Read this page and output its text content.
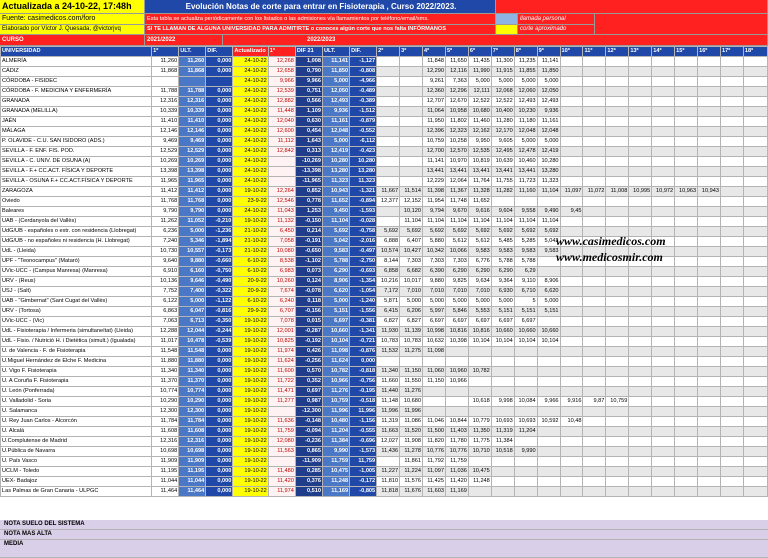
Actualizada a 24-10-22, 17:48h
Fuente: casimedicos.com/foro
Elaborado por Víctor J. Quesada, @victorjvq
Evolución Notas de corte para entrar en Fisioterapia , Curso 2022/2023.
Esta tabla se actualiza periódicamente con los listados o las admisiones vía llamamientos por teléfono/email/sms.
SI TE LLAMAN DE ALGUNA UNIVERSIDAD PARA ADMITIRTE o conoces algún corte que nos falta INFÓRMANOS
llamada personal
corte aproximado
CURSO	2021/2022	2022/2023
UNIVERSIDAD	1º	ULT.	DIF.	Actualizado	1º	DIF 21	ULT.	DIF.	2º	3º	4º	5º	6º	7º	8º	9º	10º	11º	12º	13º	14º	15º	16º	17º	18º
ALMERÍA	11,260	11,260	0,000	24-10-22	12,268	1,008	11,141	-1,127			11,848	11,650	11,435	11,300	11,235	11,141									
CÁDIZ	11,868	11,868	0,000	24-10-22	12,658	0,790	11,850	-0,808			12,290	12,116	11,990	11,915	11,855	11,850									
CÓRDOBA - FISIDEC				24-10-22	9,966	9,966	5,000	-4,966			9,261	7,363	5,000	5,000	5,000	5,000									
CÓRDOBA - F. MEDICINA Y ENFERMERÍA	11,788	11,788	0,000	24-10-22	12,539	0,751	12,050	-0,489			12,360	12,296	12,111	12,068	12,060	12,050									
GRANADA	12,316	12,316	0,000	24-10-22	12,882	0,566	12,493	-0,389			12,707	12,670	12,522	12,522	12,493	12,493									
GRANADA (MELILLA)	10,339	10,339	0,000	24-10-22	11,448	1,109	9,936	-1,512			11,064	10,958	10,680	10,400	10,230	9,936									
JAÉN	11,410	11,410	0,000	24-10-22	12,040	0,630	11,161	-0,879			11,950	11,802	11,460	11,280	11,180	11,161									
MÁLAGA	12,146	12,146	0,000	24-10-22	12,600	0,454	12,048	-0,552			12,396	12,323	12,162	12,170	12,048	12,048									
P. OLAVIDE - C.U. SAN ISIDORO (ADS.)	9,469	9,469	0,000	24-10-22	11,112	1,643	5,000	-6,112			10,759	10,258	9,950	9,605	5,000	5,000									
SEVILLA - F. ENF. FIS. POD.	12,529	12,529	0,000	24-10-22	12,842	0,313	12,419	-0,423			12,700	12,570	12,535	12,495	12,478	12,419									
SEVILLA - C. UNIV. DE OSUNA (A)	10,269	10,269	0,000	24-10-22		-10,269	10,280	10,280			11,141	10,970	10,819	10,639	10,460	10,280									
SEVILLA - F.+ CC.ACT. FÍSICA Y DEPORTE	13,398	13,398	0,000	24-10-22		-13,398	13,280	13,280			13,441	13,441	13,441	13,441	13,441	13,280									
SEVILLA - OSUNA F.+ CC.ACT.FÍSICA Y DEPORTE	11,965	11,965	0,000	24-10-22		-11,965	11,323	11,323			12,229	12,064	11,764	11,755	11,723	11,323									
ZARAGOZA	11,412	11,412	0,000	19-10-22	12,264	0,852	10,943	-1,321	11,667	11,514	11,398	11,367	11,328	11,282	11,160	11,104	11,097	11,072	11,008	10,995	10,972	10,963	10,943		
Oviedo	11,768	11,768	0,000	23-9-22	12,546	0,778	11,652	-0,894	12,377	12,152	11,954	11,748	11,652												
Baleares	9,790	9,790	0,000	24-10-22	11,043	1,253	9,450	-1,593		10,120	9,794	9,670	9,616	9,604	9,558	9,490	9,45								
UAB - (Cerdanyola del Vallès)	11,262	11,052	-0,210	19-10-22	11,132	-0,150	11,104	-0,028		11,104	11,104	11,104	11,104	11,104	11,104	11,104									
UdG/UB - españoles o extr. con residencia (Llobregat)	6,236	5,000	-1,236	21-10-22	6,450	0,214	5,692	-0,758	5,692	5,692	5,692	5,692	5,692	5,692	5,692	5,692									
UdG/UB - no españoles ni residencia (H. Llobregat)	7,240	5,346	-1,894	21-10-22	7,058	-0,191	5,042	-2,016	6,888	6,407	5,880	5,612	5,612	5,485	5,285	5,042									
UdL - (Lleida)	10,730	10,557	-0,173	21-10-22	10,080	-0,650	9,583	-0,497	10,574	10,427	10,342	10,066	9,583	9,583	9,583	9,583									
UPF - "Teonocampus" (Mataró)	9,640	9,880	-0,660	6-10-22	8,538	-1,102	5,788	-2,750	8,144	7,303	7,303	7,303	6,776	5,788	5,788										
UVic-UCC - (Campus Manresa) (Manresa)	6,910	6,160	-0,750	6-10-22	6,983	0,073	6,290	-0,693	6,858	6,682	6,390	6,290	6,290	6,290	6,29										
URV - (Reus)	10,136	9,646	-0,490	20-9-22	10,260	0,124	8,906	-1,354	10,216	10,017	9,880	9,825	9,634	9,364	9,110	8,906									
USJ - (Salt)	7,752	7,400	-0,322	20-9-22	7,674	-0,078	6,620	-1,054	7,172	7,010	7,010	7,010	7,010	6,930	6,710	6,620									
UAB - "Gimbernat" (Sant Cugat del Vallès)	6,122	5,000	-1,122	6-10-22	6,240	0,118	5,000	-1,240	5,871	5,000	5,000	5,000	5,000	5,000	5	5,000									
URV - (Tortosa)	6,863	6,047	-0,816	29-9-22	6,707	-0,156	5,151	-1,556	6,415	6,206	5,997	5,846	5,553	5,151	5,151	5,151									
UVic-UCC - (Vic)	7,063	6,713	-0,350	19-10-22	7,078	0,015	6,697	-0,381	6,827	6,827	6,697	6,697	6,697	6,697	6,697										
UdL - Fisioterapia / Infermeria (simultaneïtat) (Lleida)	12,288	12,044	-0,244	19-10-22	12,001	-0,287	10,660	-1,341	11,930	11,139	10,998	10,816	10,816	10,660	10,660	10,660									
UdL - Fisio. / Nutrició H. i Dietètica (simult.) (Igualada)	11,017	10,478	-0,539	19-10-22	10,825	-0,192	10,104	-0,721	10,783	10,783	10,632	10,398	10,104	10,104	10,104	10,104									
U. de Valencia - F. de Fisioterapia	11,548	11,548	0,000	19-10-22	11,974	0,426	11,098	-0,876	11,532	11,275	11,098														
U.Miguel Hernández de Elche F. Medicina	11,880	11,880	0,000	19-10-22	11,624	-0,256	11,624	0,000																	
U. Vigo F. Fisioterapia	11,340	11,340	0,000	19-10-22	11,600	0,570	10,782	-0,818	11,340	11,150	11,060	10,960	10,782												
U. A Coruña F. Fisioterapia	11,370	11,370	0,000	19-10-22	11,722	0,352	10,966	-0,756	11,660	11,550	11,150	10,966													
U. León (Ponferrada)	10,774	10,774	0,000	19-10-22	11,471	0,697	11,276	-0,195	11,440	11,276															
U. Valladolid - Soria	10,290	10,290	0,000	19-10-22	11,277	0,987	10,759	-0,518	11,148	10,680			10,618	9,998	10,084	9,966	9,916	9,87	10,759						
U. Salamanca	12,300	12,300	0,000	19-10-22		-12,300	11,996	11,996	11,996	11,996															
U. Rey Juan Carlos - Alcorcón	11,784	11,784	0,000	19-10-22	11,636	-0,148	10,480	-1,156	11,319	11,086	11,046	10,844	10,779	10,693	10,693	10,592	10,48								
U. Alcalá	11,608	11,608	0,000	19-10-22	11,759	-0,094	11,204	-0,555	11,663	11,520	11,500	11,403	11,350	11,319	11,204										
U.Complutense de Madrid	12,316	12,316	0,000	19-10-22	12,080	-0,236	11,384	-0,696	12,027	11,908	11,820	11,780	11,775	11,384											
U.Pública de Navarra	10,698	10,698	0,000	19-10-22	11,563	0,865	9,990	-1,573	11,436	11,278	10,776	10,776	10,710	10,518	9,990										
U. País Vasco	11,909	11,909	0,000	19-10-22		-11,909	11,759	11,759		11,861	11,792	11,759													
UCLM - Toledo	11,195	11,195	0,000	19-10-22	11,480	0,285	10,475	-1,005	11,227	11,224	11,097	11,036	10,475												
UEX- Badajoz	11,044	11,044	0,000	19-10-22	11,420	0,376	11,248	-0,172	11,810	11,576	11,425	11,420	11,248												
Las Palmas de Gran Canaria - ULPGC	11,464	11,464	0,000	19-10-22	11,974	0,510	11,169	-0,805	11,818	11,676	11,603	11,169													
www.casimedicos.com
www.medicosmir.com
NOTA SUELO DEL SISTEMA
NOTA MAS ALTA
MEDIA
